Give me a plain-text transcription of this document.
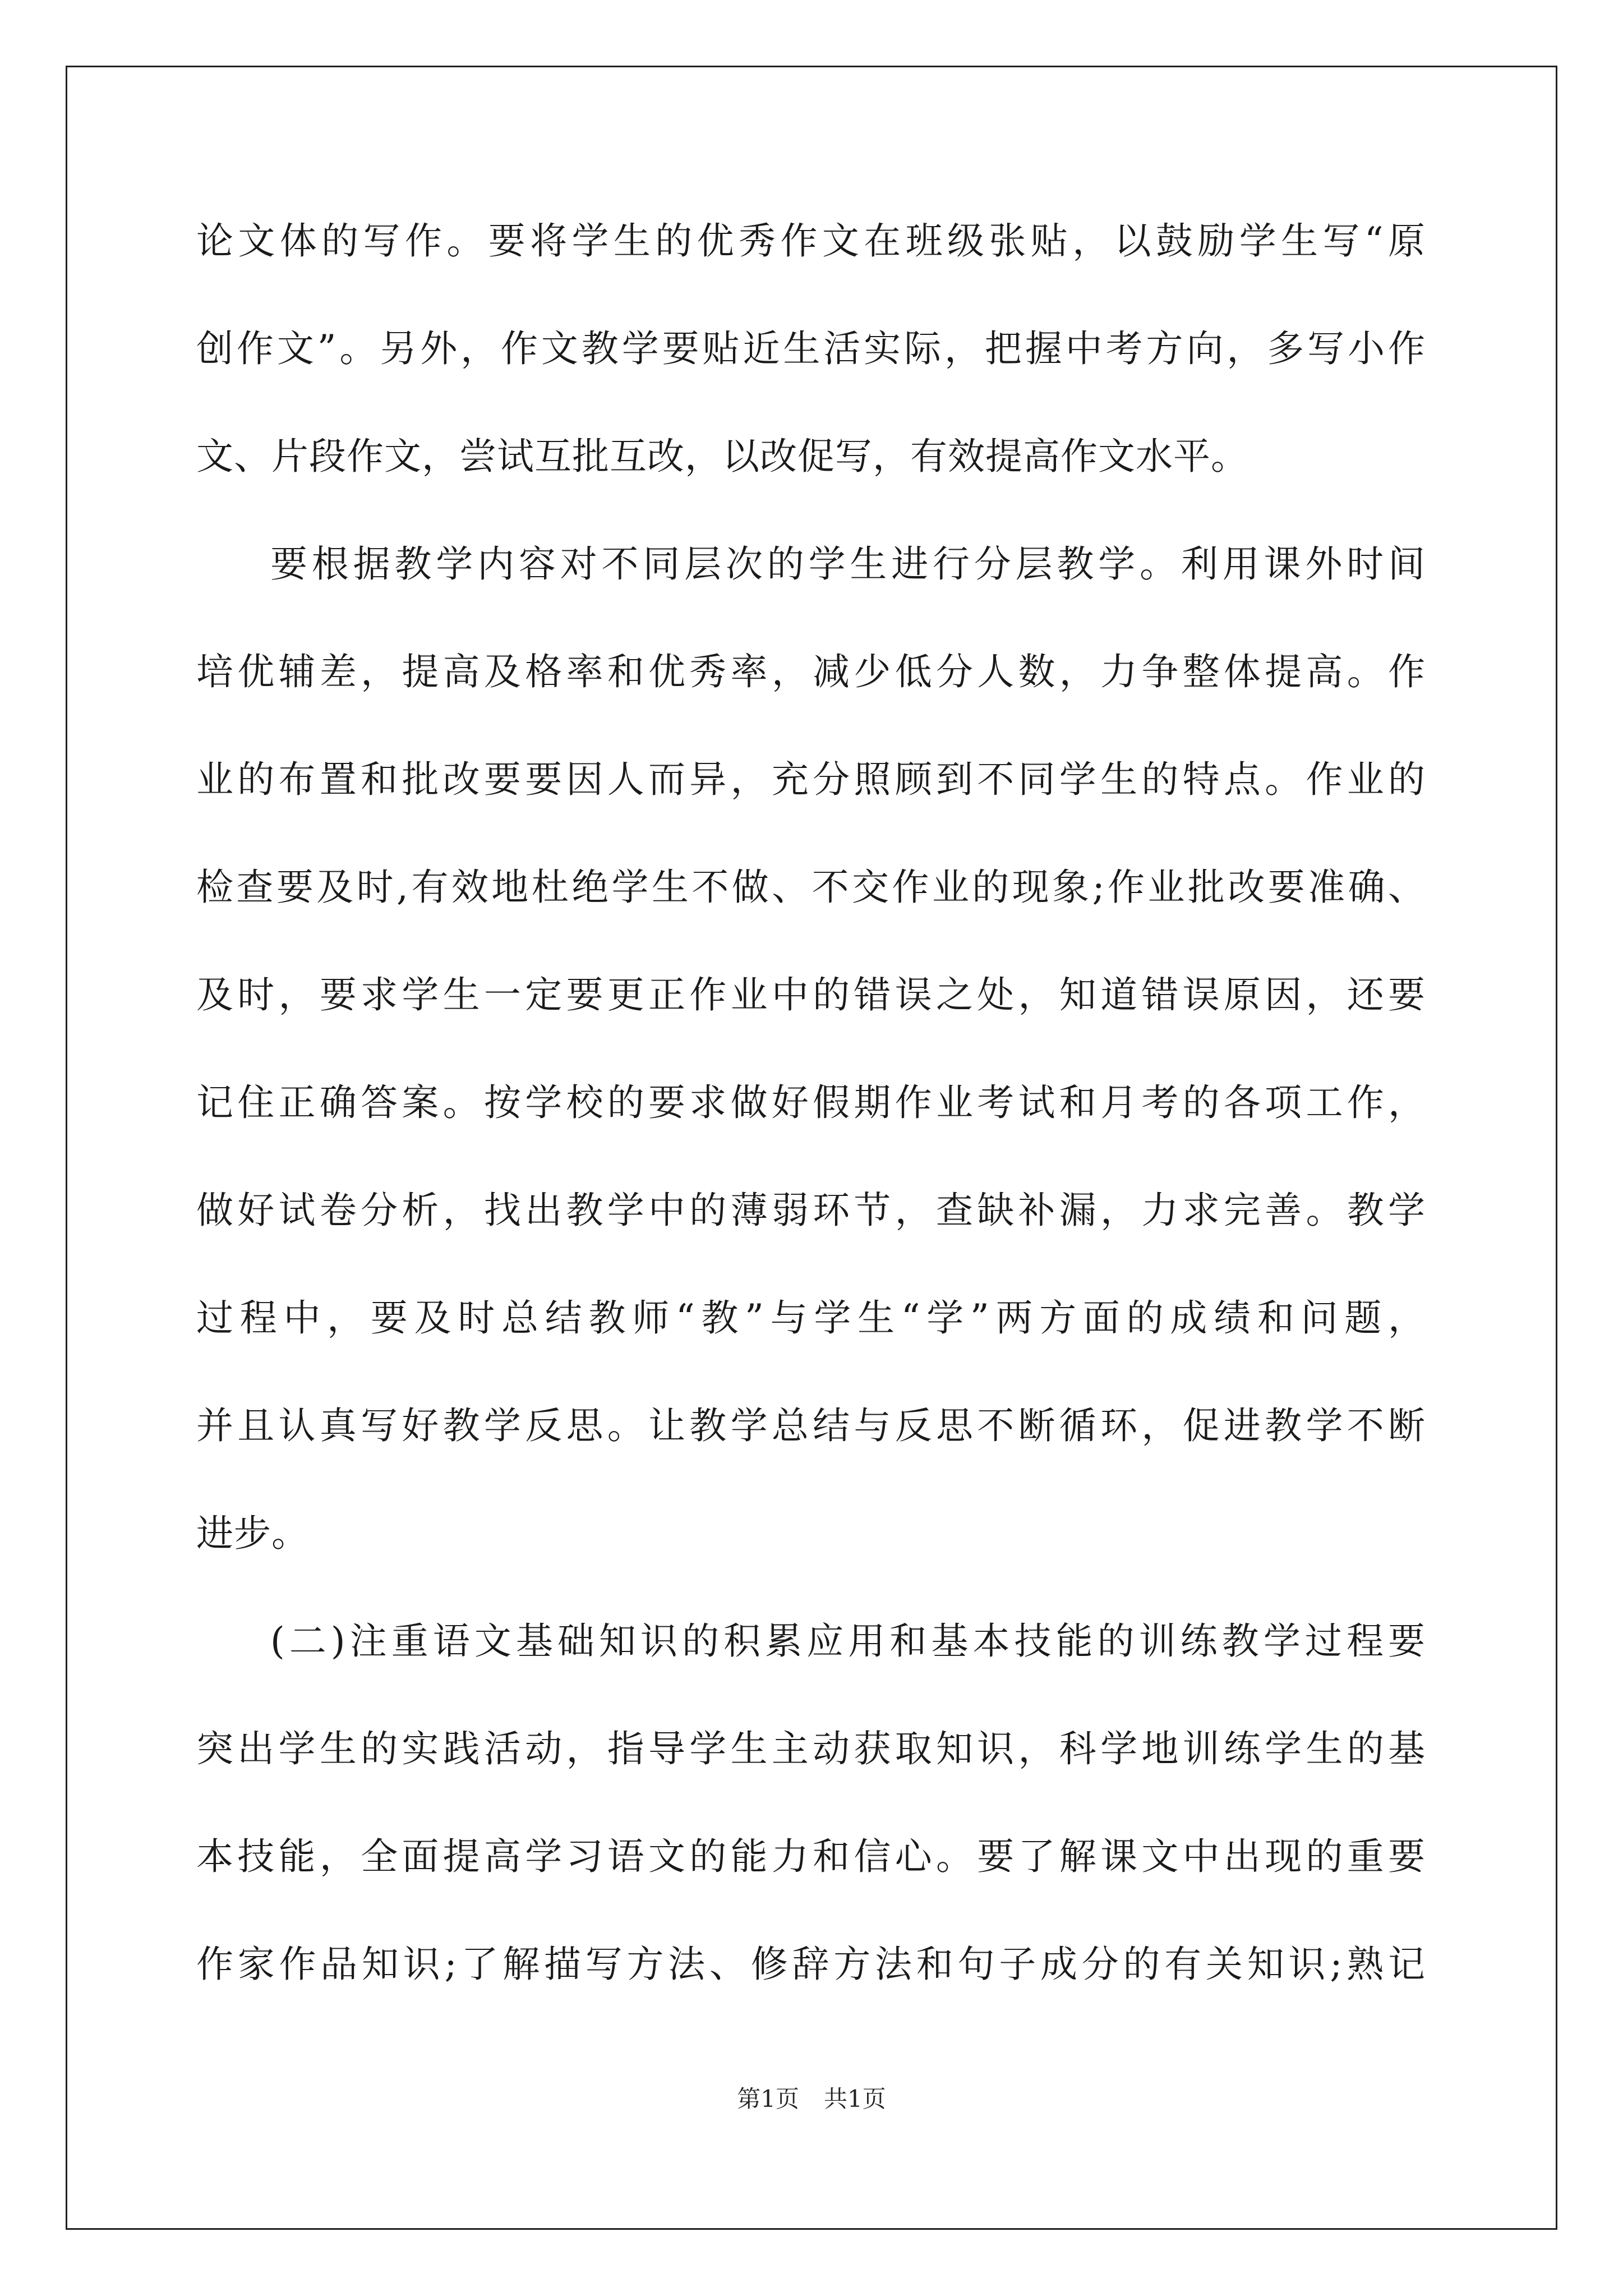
论文体的写作。要将学生的优秀作文在班级张贴，以鼓励学生写“原
创作文”。另外，作文教学要贴近生活实际，把握中考方向，多写小作
文、片段作文，尝试互批互改，以改促写，有效提高作文水平。
要根据教学内容对不同层次的学生进行分层教学。利用课外时间
培优辅差，提高及格率和优秀率，减少低分人数，力争整体提高。作
业的布置和批改要要因人而异，充分照顾到不同学生的特点。作业的
检查要及时,有效地杜绝学生不做、不交作业的现象;作业批改要准确、
及时，要求学生一定要更正作业中的错误之处，知道错误原因，还要
记住正确答案。按学校的要求做好假期作业考试和月考的各项工作，
做好试卷分析，找出教学中的薄弱环节，查缺补漏，力求完善。教学
过程中，要及时总结教师“教”与学生“学”两方面的成绩和问题，
并且认真写好教学反思。让教学总结与反思不断循环，促进教学不断
进步。
(二)注重语文基础知识的积累应用和基本技能的训练教学过程要
突出学生的实践活动，指导学生主动获取知识，科学地训练学生的基
本技能，全面提高学习语文的能力和信心。要了解课文中出现的重要
作家作品知识;了解描写方法、修辞方法和句子成分的有关知识;熟记
第1页 共1页
